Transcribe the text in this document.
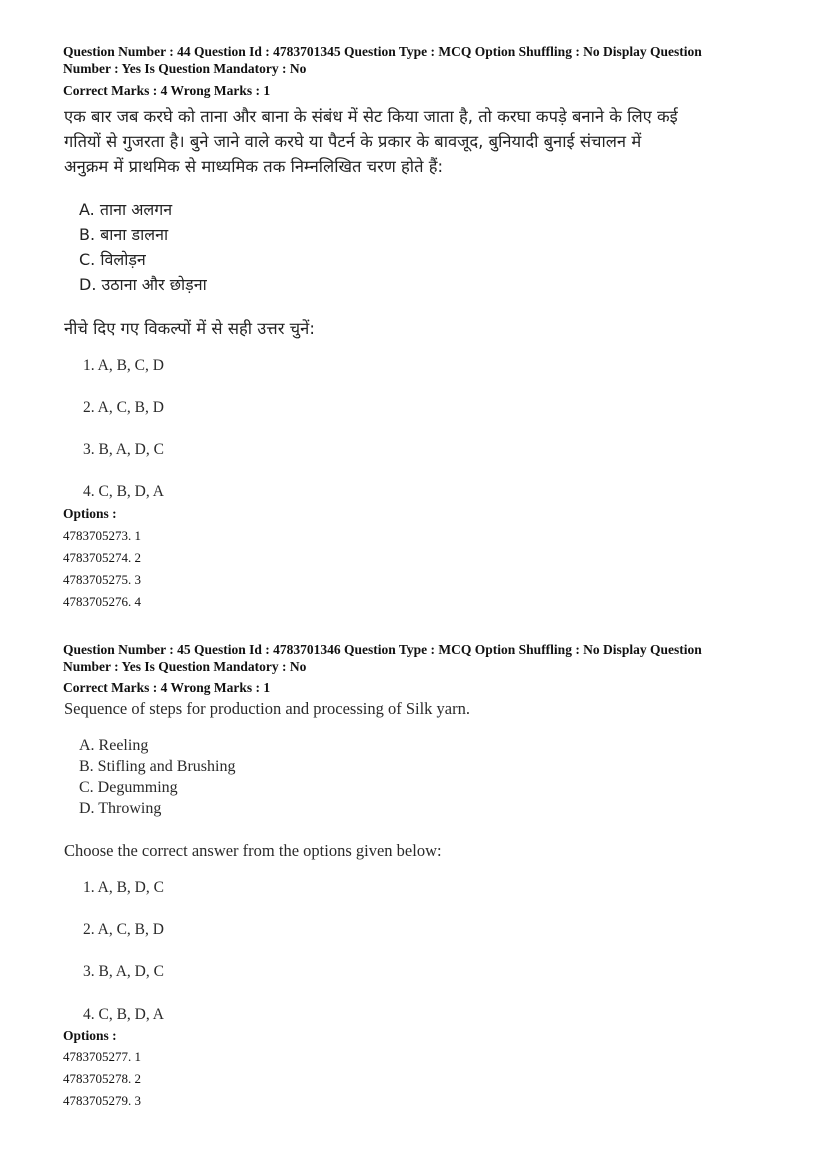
Question Number : 44 Question Id : 4783701345 Question Type : MCQ Option Shuffling : No Display Question
Number : Yes Is Question Mandatory : No
Correct Marks : 4 Wrong Marks : 1
एक बार जब करघे को ताना और बाना के संबंध में सेट किया जाता है, तो करघा कपड़े बनाने के लिए कई
गतियों से गुजरता है। बुने जाने वाले करघे या पैटर्न के प्रकार के बावजूद, बुनियादी बुनाई संचालन में
अनुक्रम में प्राथमिक से माध्यमिक तक निम्नलिखित चरण होते हैं:
A. ताना अलगन
B. बाना डालना
C. विलोड़न
D. उठाना और छोड़ना
नीचे दिए गए विकल्पों में से सही उत्तर चुनें:
1. A, B, C, D
2. A, C, B, D
3. B, A, D, C
4. C, B, D, A
Options :
4783705273. 1
4783705274. 2
4783705275. 3
4783705276. 4
Question Number : 45 Question Id : 4783701346 Question Type : MCQ Option Shuffling : No Display Question
Number : Yes Is Question Mandatory : No
Correct Marks : 4 Wrong Marks : 1
Sequence of steps for production and processing of Silk yarn.
A. Reeling
B. Stifling and Brushing
C. Degumming
D. Throwing
Choose the correct answer from the options given below:
1. A, B, D, C
2. A, C, B, D
3. B, A, D, C
4. C, B, D, A
Options :
4783705277. 1
4783705278. 2
4783705279. 3
